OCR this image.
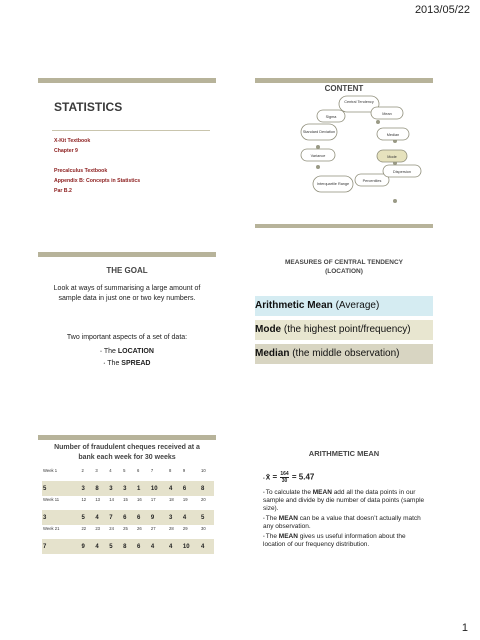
2013/05/22
STATISTICS
X-Kit Textbook
Chapter 9
Precalculus Textbook
Appendix B: Concepts in Statistics
Par B.2
CONTENT
Central Tendency
Sigma
Mean
Standard Deviation
Median
Variance	Mode
Interquartile Range
Dispersion
Percentiles
THE GOAL
Look at ways of summarising a large amount of sample data in just one or two key numbers.
Two important aspects of a set of data:
• The LOCATION
• The SPREAD
MEASURES OF CENTRAL TENDENCY (LOCATION)
Arithmetic Mean (Average)
Mode (the highest point/frequency)
Median (the middle observation)
Number of fraudulent cheques received at a bank each week for 30 weeks
Week 1	2	3	4	5	6	7	8	9	10
5	3	8	3	3	1	10	4	6	8
Week 11	12	13	14	15	16	17	18	19	20
3	5	4	7	6	6	9	3	4	5
Week 21	22	23	24	25	26	27	28	29	30
7	9	4	5	8	6	4	4	10	4
ARITHMETIC MEAN
•x̄ = $\frac{164}{30} = 5.47$
•To calculate the MEAN add all the data points in our sample and divide by die number of data points (sample size).
•The MEAN can be a value that doesn’t actually match any observation.
•The MEAN gives us useful information about the location of our frequency distribution.
1
